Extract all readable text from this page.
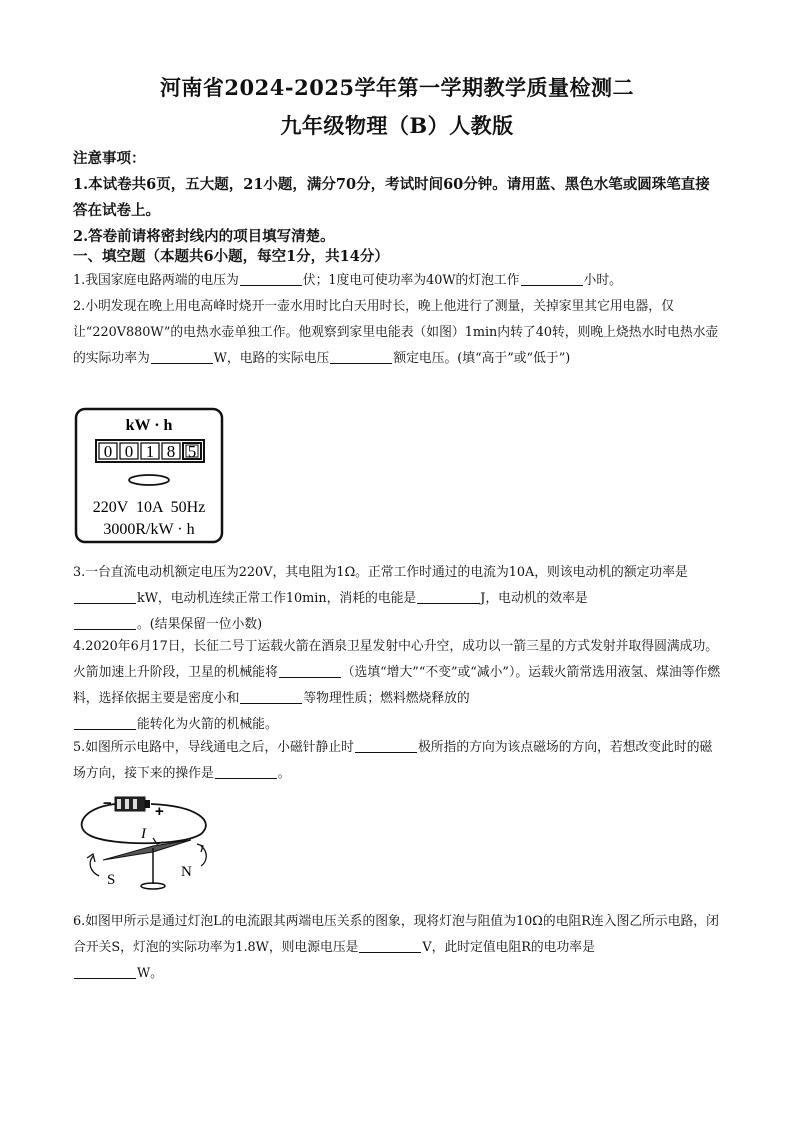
河南省2024-2025学年第一学期教学质量检测二
九年级物理（B）人教版

注意事项：

1.本试卷共6页，五大题，21小题，满分70分，考试时间60分钟。请用蓝、黑色水笔或圆珠笔直接答在试卷上。

2.答卷前请将密封线内的项目填写清楚。

一、填空题（本题共6小题，每空1分，共14分）

1.我国家庭电路两端的电压为	伏；1度电可使功率为40W的灯泡工作	小时。

2.小明发现在晚上用电高峰时烧开一壶水用时比白天用时长，晚上他进行了测量，关掉家里其它用电器，仅让“220V880W”的电热水壶单独工作。他观察到家里电能表（如图）1min内转了40转，则晚上烧热水时电热水壶的实际功率为	W，电路的实际电压	额定电压。(填“高于”或“低于”)

kW · h
0 0 1 8 5
220V  10A  50Hz
3000R/kW · h

3.一台直流电动机额定电压为220V，其电阻为1Ω。正常工作时通过的电流为10A，则该电动机的额定功率是kW，电动机连续正常工作10min，消耗的电能是	J，电动机的效率是
。(结果保留一位小数)

4.2020年6月17日，长征二号丁运载火箭在酒泉卫星发射中心升空，成功以一箭三星的方式发射并取得圆满成功。火箭加速上升阶段，卫星的机械能将	（选填“增大”“不变”或“减小”）。运载火箭常选用液氢、煤油等作燃料，选择依据主要是密度小和	等物理性质；燃料燃烧释放的
能转化为火箭的机械能。

5.如图所示电路中，导线通电之后，小磁针静止时	极所指的方向为该点磁场的方向，若想改变此时的磁场方向，接下来的操作是	。

−	+
I
S	N

6.如图甲所示是通过灯泡L的电流跟其两端电压关系的图象，现将灯泡与阻值为10Ω的电阻R连入图乙所示电路，闭合开关S，灯泡的实际功率为1.8W，则电源电压是	V，此时定值电阻R的电功率是
W。
